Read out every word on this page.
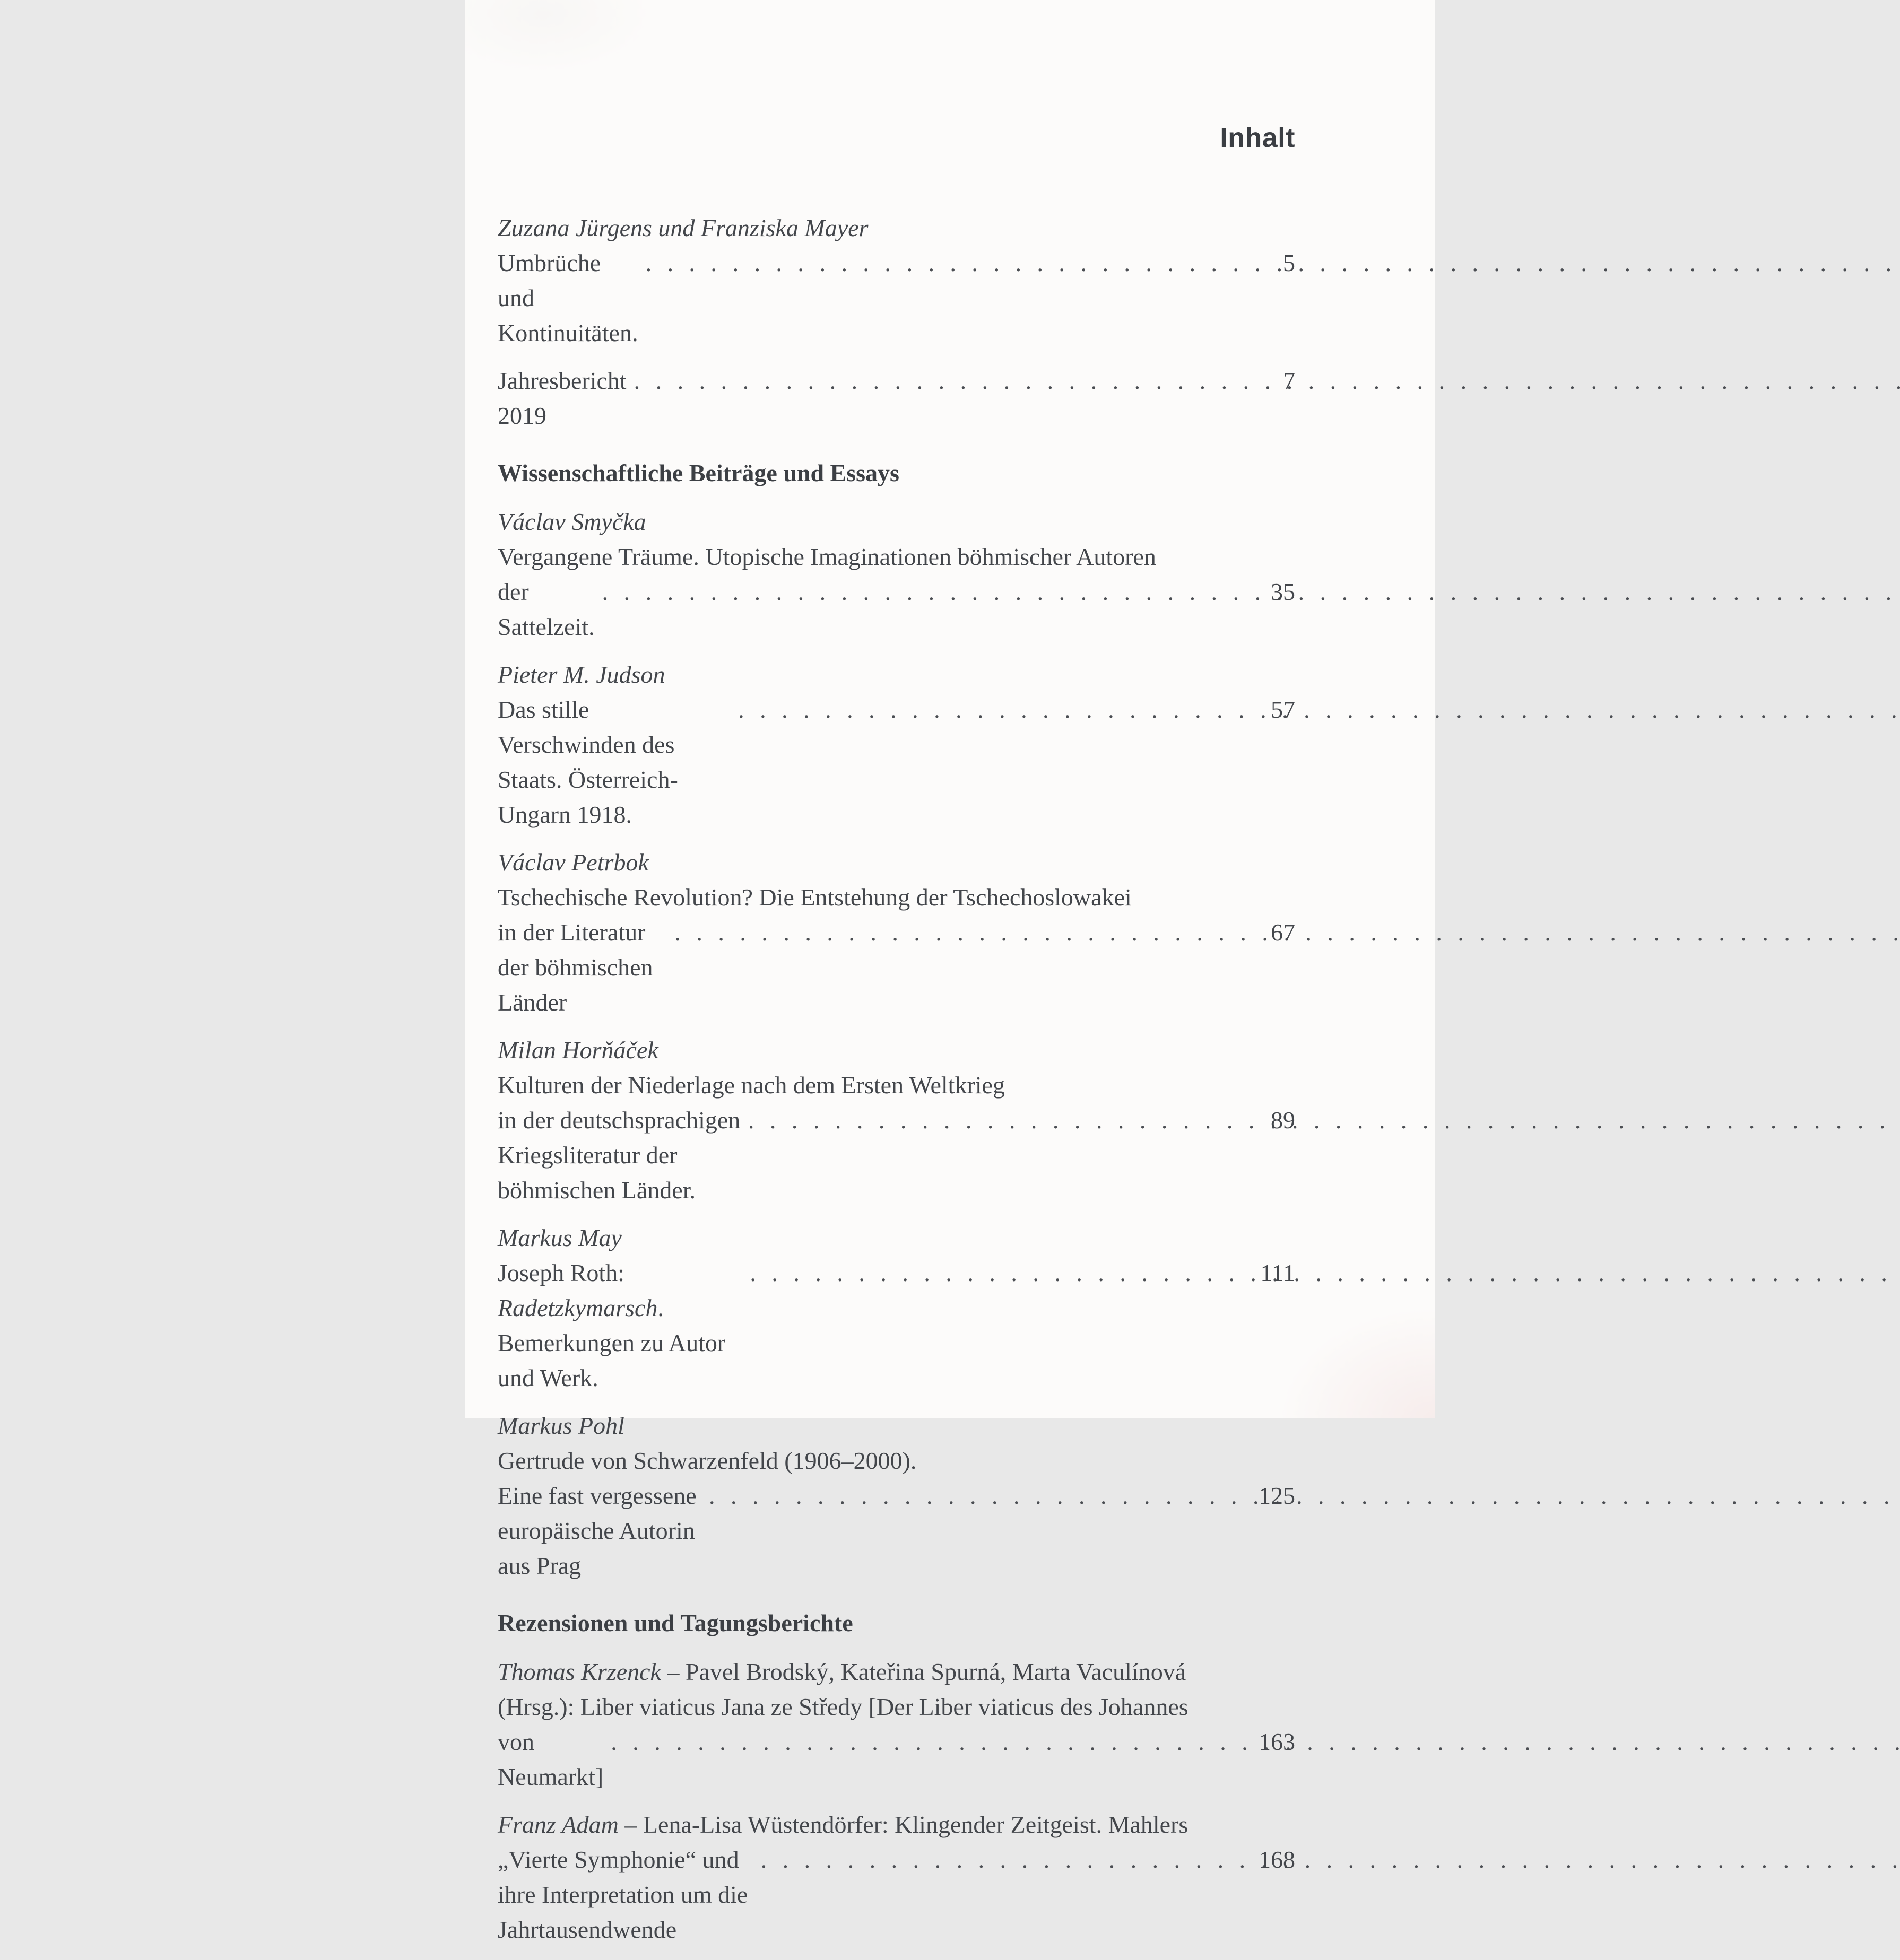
Inhalt
Zuzana Jürgens und Franziska Mayer
Umbrüche und Kontinuitäten.
. . .
5
Jahresbericht 2019
. . .
7
Wissenschaftliche Beiträge und Essays
Václav Smyčka
Vergangene Träume. Utopische Imaginationen böhmischer Autoren
der Sattelzeit.
. . .
35
Pieter M. Judson
Das stille Verschwinden des Staats. Österreich-Ungarn 1918.
. . .
57
Václav Petrbok
Tschechische Revolution? Die Entstehung der Tschechoslowakei
in der Literatur der böhmischen Länder
. . .
67
Milan Horňáček
Kulturen der Niederlage nach dem Ersten Weltkrieg
in der deutschsprachigen Kriegsliteratur der böhmischen Länder.
. . .
89
Markus May
Joseph Roth: Radetzkymarsch. Bemerkungen zu Autor und Werk.
. . .
111
Markus Pohl
Gertrude von Schwarzenfeld (1906–2000).
Eine fast vergessene europäische Autorin aus Prag
. . .
125
Rezensionen und Tagungsberichte
Thomas Krzenck – Pavel Brodský, Kateřina Spurná, Marta Vaculínová
(Hrsg.): Liber viaticus Jana ze Středy [Der Liber viaticus des Johannes
von Neumarkt]
. . .
163
Franz Adam – Lena-Lisa Wüstendörfer: Klingender Zeitgeist. Mahlers
„Vierte Symphonie“ und ihre Interpretation um die Jahrtausendwende
. . .
168
